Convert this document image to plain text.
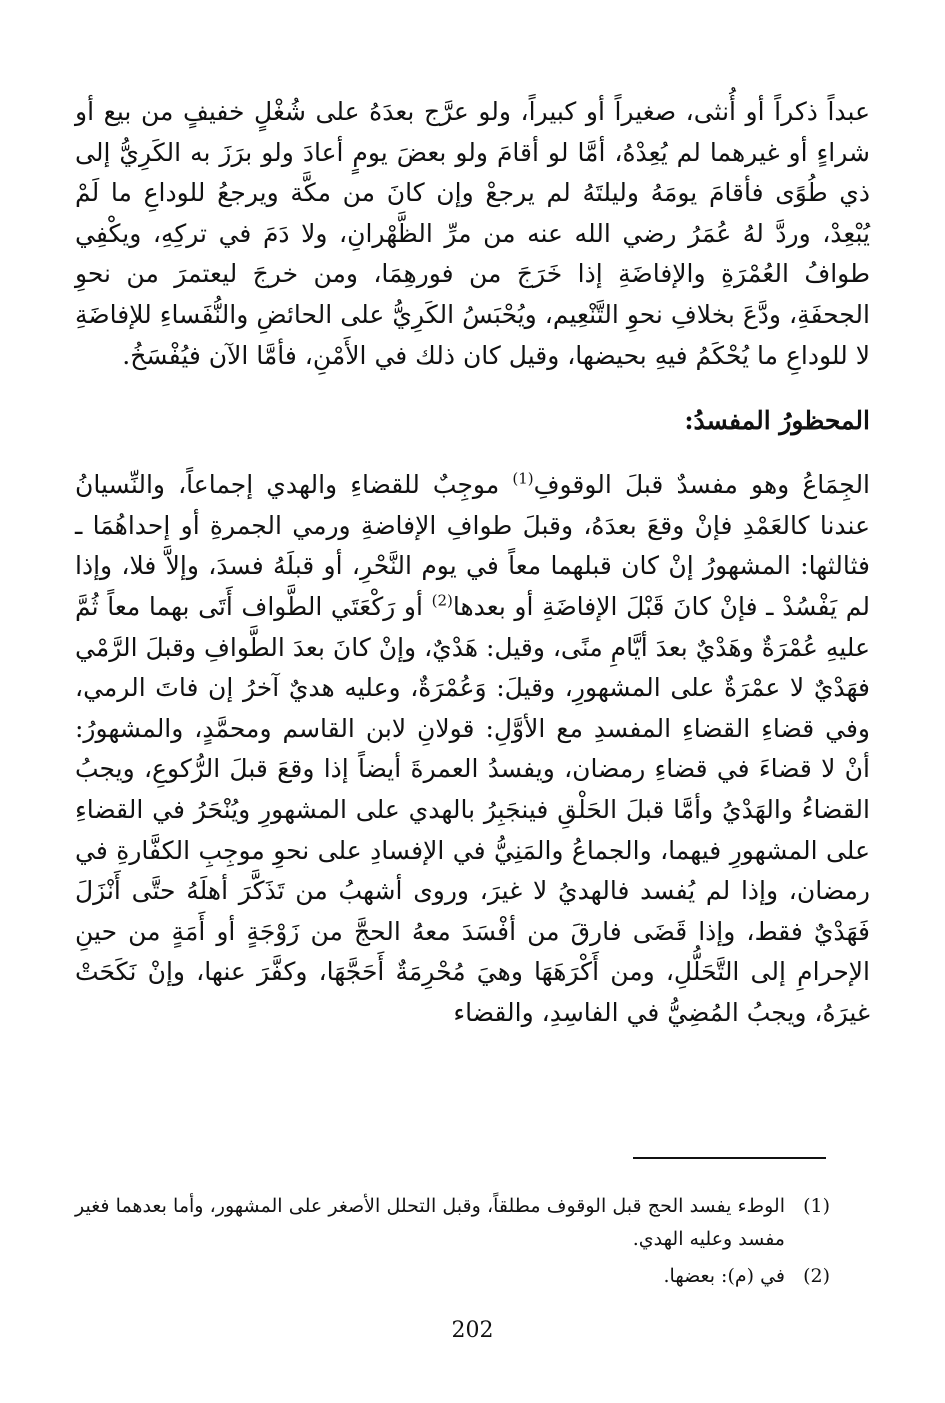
عبداً ذكراً أو أُنثى، صغيراً أو كبيراً، ولو عرَّج بعدَهُ على شُغْلٍ خفيفٍ من بيع أو شراءٍ أو غيرهما لم يُعِدْهُ، أمَّا لو أقامَ ولو بعضَ يومٍ أعادَ ولو برَزَ به الكَرِيُّ إلى ذي طُوًى فأقامَ يومَهُ وليلتَهُ لم يرجعْ وإن كانَ من مكَّة ويرجعُ للوداعِ ما لَمْ يُبْعِدْ، وردَّ لهُ عُمَرُ رضي الله عنه من مرِّ الظَّهْرانِ، ولا دَمَ في تركِهِ، ويكْفِي طوافُ العُمْرَةِ والإفاضَةِ إذا خَرَجَ من فورهِمَا، ومن خرجَ ليعتمرَ من نحوِ الجحفَةِ، ودَّعَ بخلافِ نحوِ التَّنْعِيم، ويُحْبَسُ الكَرِيُّ على الحائضِ والنُّفَساءِ للإفاضَةِ لا للوداعِ ما يُحْكَمُ فيهِ بحيضها، وقيل كان ذلك في الأَمْنِ، فأمَّا الآن فيُفْسَخُ.

المحظورُ المفسدُ:

الجِمَاعُ وهو مفسدٌ قبلَ الوقوفِ$^{(1)}$ موجِبٌ للقضاءِ والهدي إجماعاً، والنِّسيانُ عندنا كالعَمْدِ فإنْ وقعَ بعدَهُ، وقبلَ طوافِ الإفاضةِ ورمي الجمرةِ أو إحداهُمَا ـ فثالثها: المشهورُ إنْ كان قبلهما معاً في يوم النَّحْرِ، أو قبلَهُ فسدَ، وإلاَّ فلا، وإذا لم يَفْسُدْ ـ فإنْ كانَ قَبْلَ الإفاضَةِ أو بعدها$^{(2)}$ أو رَكْعَتَي الطَّواف أَتَى بهما معاً ثُمَّ عليهِ عُمْرَةٌ وهَدْيٌ بعدَ أيَّامِ منًى، وقيل: هَدْيٌ، وإنْ كانَ بعدَ الطَّوافِ وقبلَ الرَّمْي فهَدْيٌ لا عمْرَةٌ على المشهورِ، وقيلَ: وَعُمْرَةٌ، وعليه هديٌ آخرُ إن فاتَ الرمي، وفي قضاءِ القضاءِ المفسدِ مع الأوَّلِ: قولانِ لابن القاسم ومحمَّدٍ، والمشهورُ: أنْ لا قضاءَ في قضاءِ رمضان، ويفسدُ العمرةَ أيضاً إذا وقعَ قبلَ الرُّكوعِ، ويجبُ القضاءُ والهَدْيُ وأمَّا قبلَ الحَلْقِ فينجَبِرُ بالهدي على المشهورِ ويُنْحَرُ في القضاءِ على المشهورِ فيهما، والجماعُ والمَنِيُّ في الإفسادِ على نحوِ موجِبِ الكفَّارةِ في رمضان، وإذا لم يُفسد فالهديُ لا غيرَ، وروى أشهبُ من تَذَكَّرَ أهلَهُ حتَّى أَنْزَلَ فَهَدْيٌ فقط، وإذا قَضَى فارقَ من أفْسَدَ معهُ الحجَّ من زَوْجَةٍ أو أَمَةٍ من حينِ الإحرامِ إلى التَّحَلُّلِ، ومن أَكْرَهَهَا وهيَ مُحْرِمَةٌ أَحَجَّهَا، وكفَّرَ عنها، وإنْ نَكَحَتْ غيرَهُ، ويجبُ المُضِيُّ في الفاسِدِ، والقضاء

(1)
الوطء يفسد الحج قبل الوقوف مطلقاً، وقبل التحلل الأصغر على المشهور، وأما بعدهما فغير مفسد وعليه الهدي.
(2)
في (م): بعضها.
202
